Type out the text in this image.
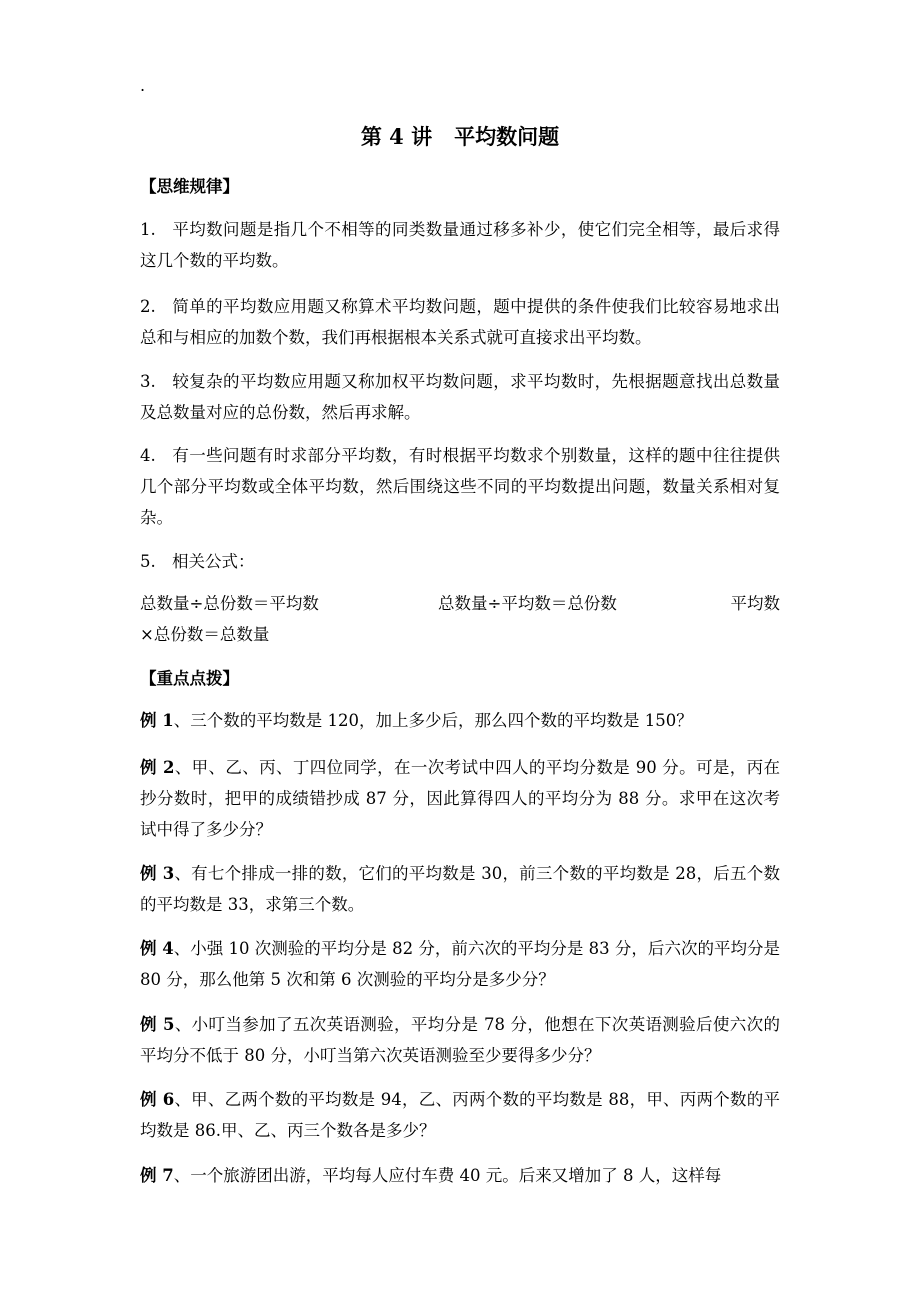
.
第 4 讲 平均数问题
【思维规律】
1. 平均数问题是指几个不相等的同类数量通过移多补少，使它们完全相等，最后求得这几个数的平均数。
2. 简单的平均数应用题又称算术平均数问题，题中提供的条件使我们比较容易地求出总和与相应的加数个数，我们再根据根本关系式就可直接求出平均数。
3. 较复杂的平均数应用题又称加权平均数问题，求平均数时，先根据题意找出总数量及总数量对应的总份数，然后再求解。
4. 有一些问题有时求部分平均数，有时根据平均数求个别数量，这样的题中往往提供几个部分平均数或全体平均数，然后围绕这些不同的平均数提出问题，数量关系相对复杂。
5. 相关公式：
总数量÷总份数＝平均数	总数量÷平均数＝总份数	平均数
×总份数＝总数量
【重点点拨】
例 1、三个数的平均数是 120，加上多少后，那么四个数的平均数是 150？
例 2、甲、乙、丙、丁四位同学，在一次考试中四人的平均分数是 90 分。可是，丙在抄分数时，把甲的成绩错抄成 87 分，因此算得四人的平均分为 88 分。求甲在这次考试中得了多少分？
例 3、有七个排成一排的数，它们的平均数是 30，前三个数的平均数是 28，后五个数的平均数是 33，求第三个数。
例 4、小强 10 次测验的平均分是 82 分，前六次的平均分是 83 分，后六次的平均分是 80 分，那么他第 5 次和第 6 次测验的平均分是多少分？
例 5、小叮当参加了五次英语测验，平均分是 78 分，他想在下次英语测验后使六次的平均分不低于 80 分，小叮当第六次英语测验至少要得多少分？
例 6、甲、乙两个数的平均数是 94，乙、丙两个数的平均数是 88，甲、丙两个数的平均数是 86.甲、乙、丙三个数各是多少？
例 7、一个旅游团出游，平均每人应付车费 40 元。后来又增加了 8 人，这样每
